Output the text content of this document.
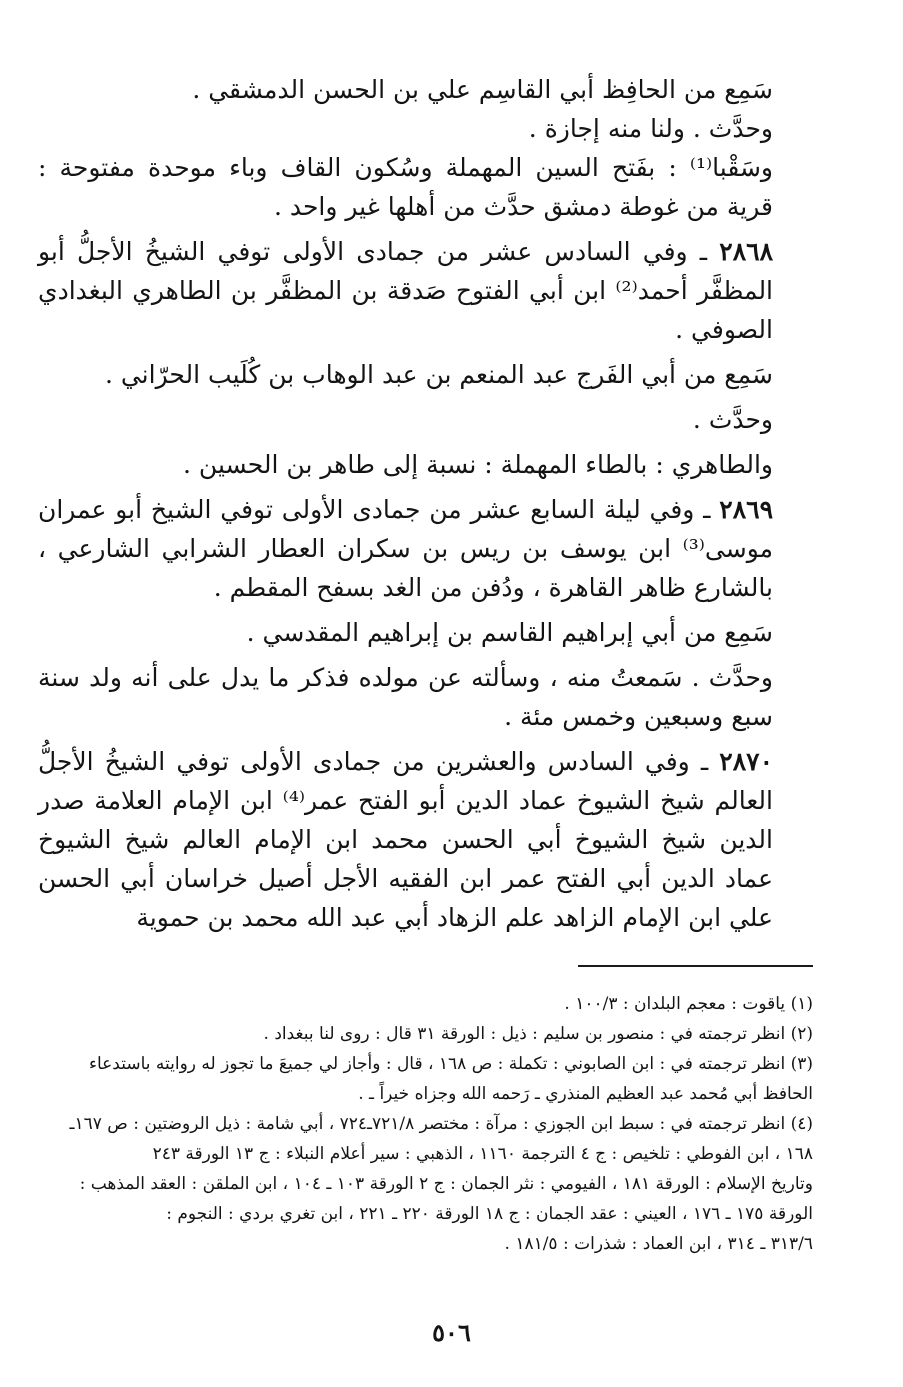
سَمِع من الحافِظ أبي القاسِم علي بن الحسن الدمشقي .

وحدَّث . ولنا منه إجازة .

وسَقْبا⁽¹⁾ : بفَتح السين المهملة وسُكون القاف وباء موحدة مفتوحة : قرية من غوطة دمشق حدَّث من أهلها غير واحد .

٢٨٦٨ ـ وفي السادس عشر من جمادى الأولى توفي الشيخُ الأجلُّ أبو المظفَّر أحمد⁽²⁾ ابن أبي الفتوح صَدقة بن المظفَّر بن الطاهري البغدادي الصوفي .

سَمِع من أبي الفَرج عبد المنعم بن عبد الوهاب بن كُلَيب الحرّاني .

وحدَّث .

والطاهري : بالطاء المهملة : نسبة إلى طاهر بن الحسين .

٢٨٦٩ ـ وفي ليلة السابع عشر من جمادى الأولى توفي الشيخ أبو عمران موسى⁽³⁾ ابن يوسف بن ريس بن سكران العطار الشرابي الشارعي ، بالشارع ظاهر القاهرة ، ودُفن من الغد بسفح المقطم .

سَمِع من أبي إبراهيم القاسم بن إبراهيم المقدسي .

وحدَّث . سَمعتُ منه ، وسألته عن مولده فذكر ما يدل على أنه ولد سنة سبع وسبعين وخمس مئة .

٢٨٧٠ ـ وفي السادس والعشرين من جمادى الأولى توفي الشيخُ الأجلُّ العالم شيخ الشيوخ عماد الدين أبو الفتح عمر⁽⁴⁾ ابن الإمام العلامة صدر الدين شيخ الشيوخ أبي الحسن محمد ابن الإمام العالم شيخ الشيوخ عماد الدين أبي الفتح عمر ابن الفقيه الأجل أصيل خراسان أبي الحسن علي ابن الإمام الزاهد علم الزهاد أبي عبد الله محمد بن حموية

(١) ياقوت : معجم البلدان : ١٠٠/٣ .

(٢) انظر ترجمته في : منصور بن سليم : ذيل : الورقة ٣١ قال : روى لنا ببغداد .

(٣) انظر ترجمته في : ابن الصابوني : تكملة : ص ١٦٨ ، قال : وأجاز لي جميعَ ما تجوز له روايته باستدعاء

الحافظ أبي مُحمد عبد العظيم المنذري ـ رَحمه الله وجزاه خيراً ـ .

(٤) انظر ترجمته في : سبط ابن الجوزي : مرآة : مختصر ٧٢١/٨ـ٧٢٤ ، أبي شامة : ذيل الروضتين : ص ١٦٧ـ

١٦٨ ، ابن الفوطي : تلخيص : ج ٤ الترجمة ١١٦٠ ، الذهبي : سير أعلام النبلاء : ج ١٣ الورقة ٢٤٣

وتاريخ الإسلام : الورقة ١٨١ ، الفيومي : نثر الجمان : ج ٢ الورقة ١٠٣ ـ ١٠٤ ، ابن الملقن : العقد المذهب :

الورقة ١٧٥ ـ ١٧٦ ، العيني : عقد الجمان : ج ١٨ الورقة ٢٢٠ ـ ٢٢١ ، ابن تغري بردي : النجوم :

٣١٣/٦ ـ ٣١٤ ، ابن العماد : شذرات : ١٨١/٥ .

٥٠٦
